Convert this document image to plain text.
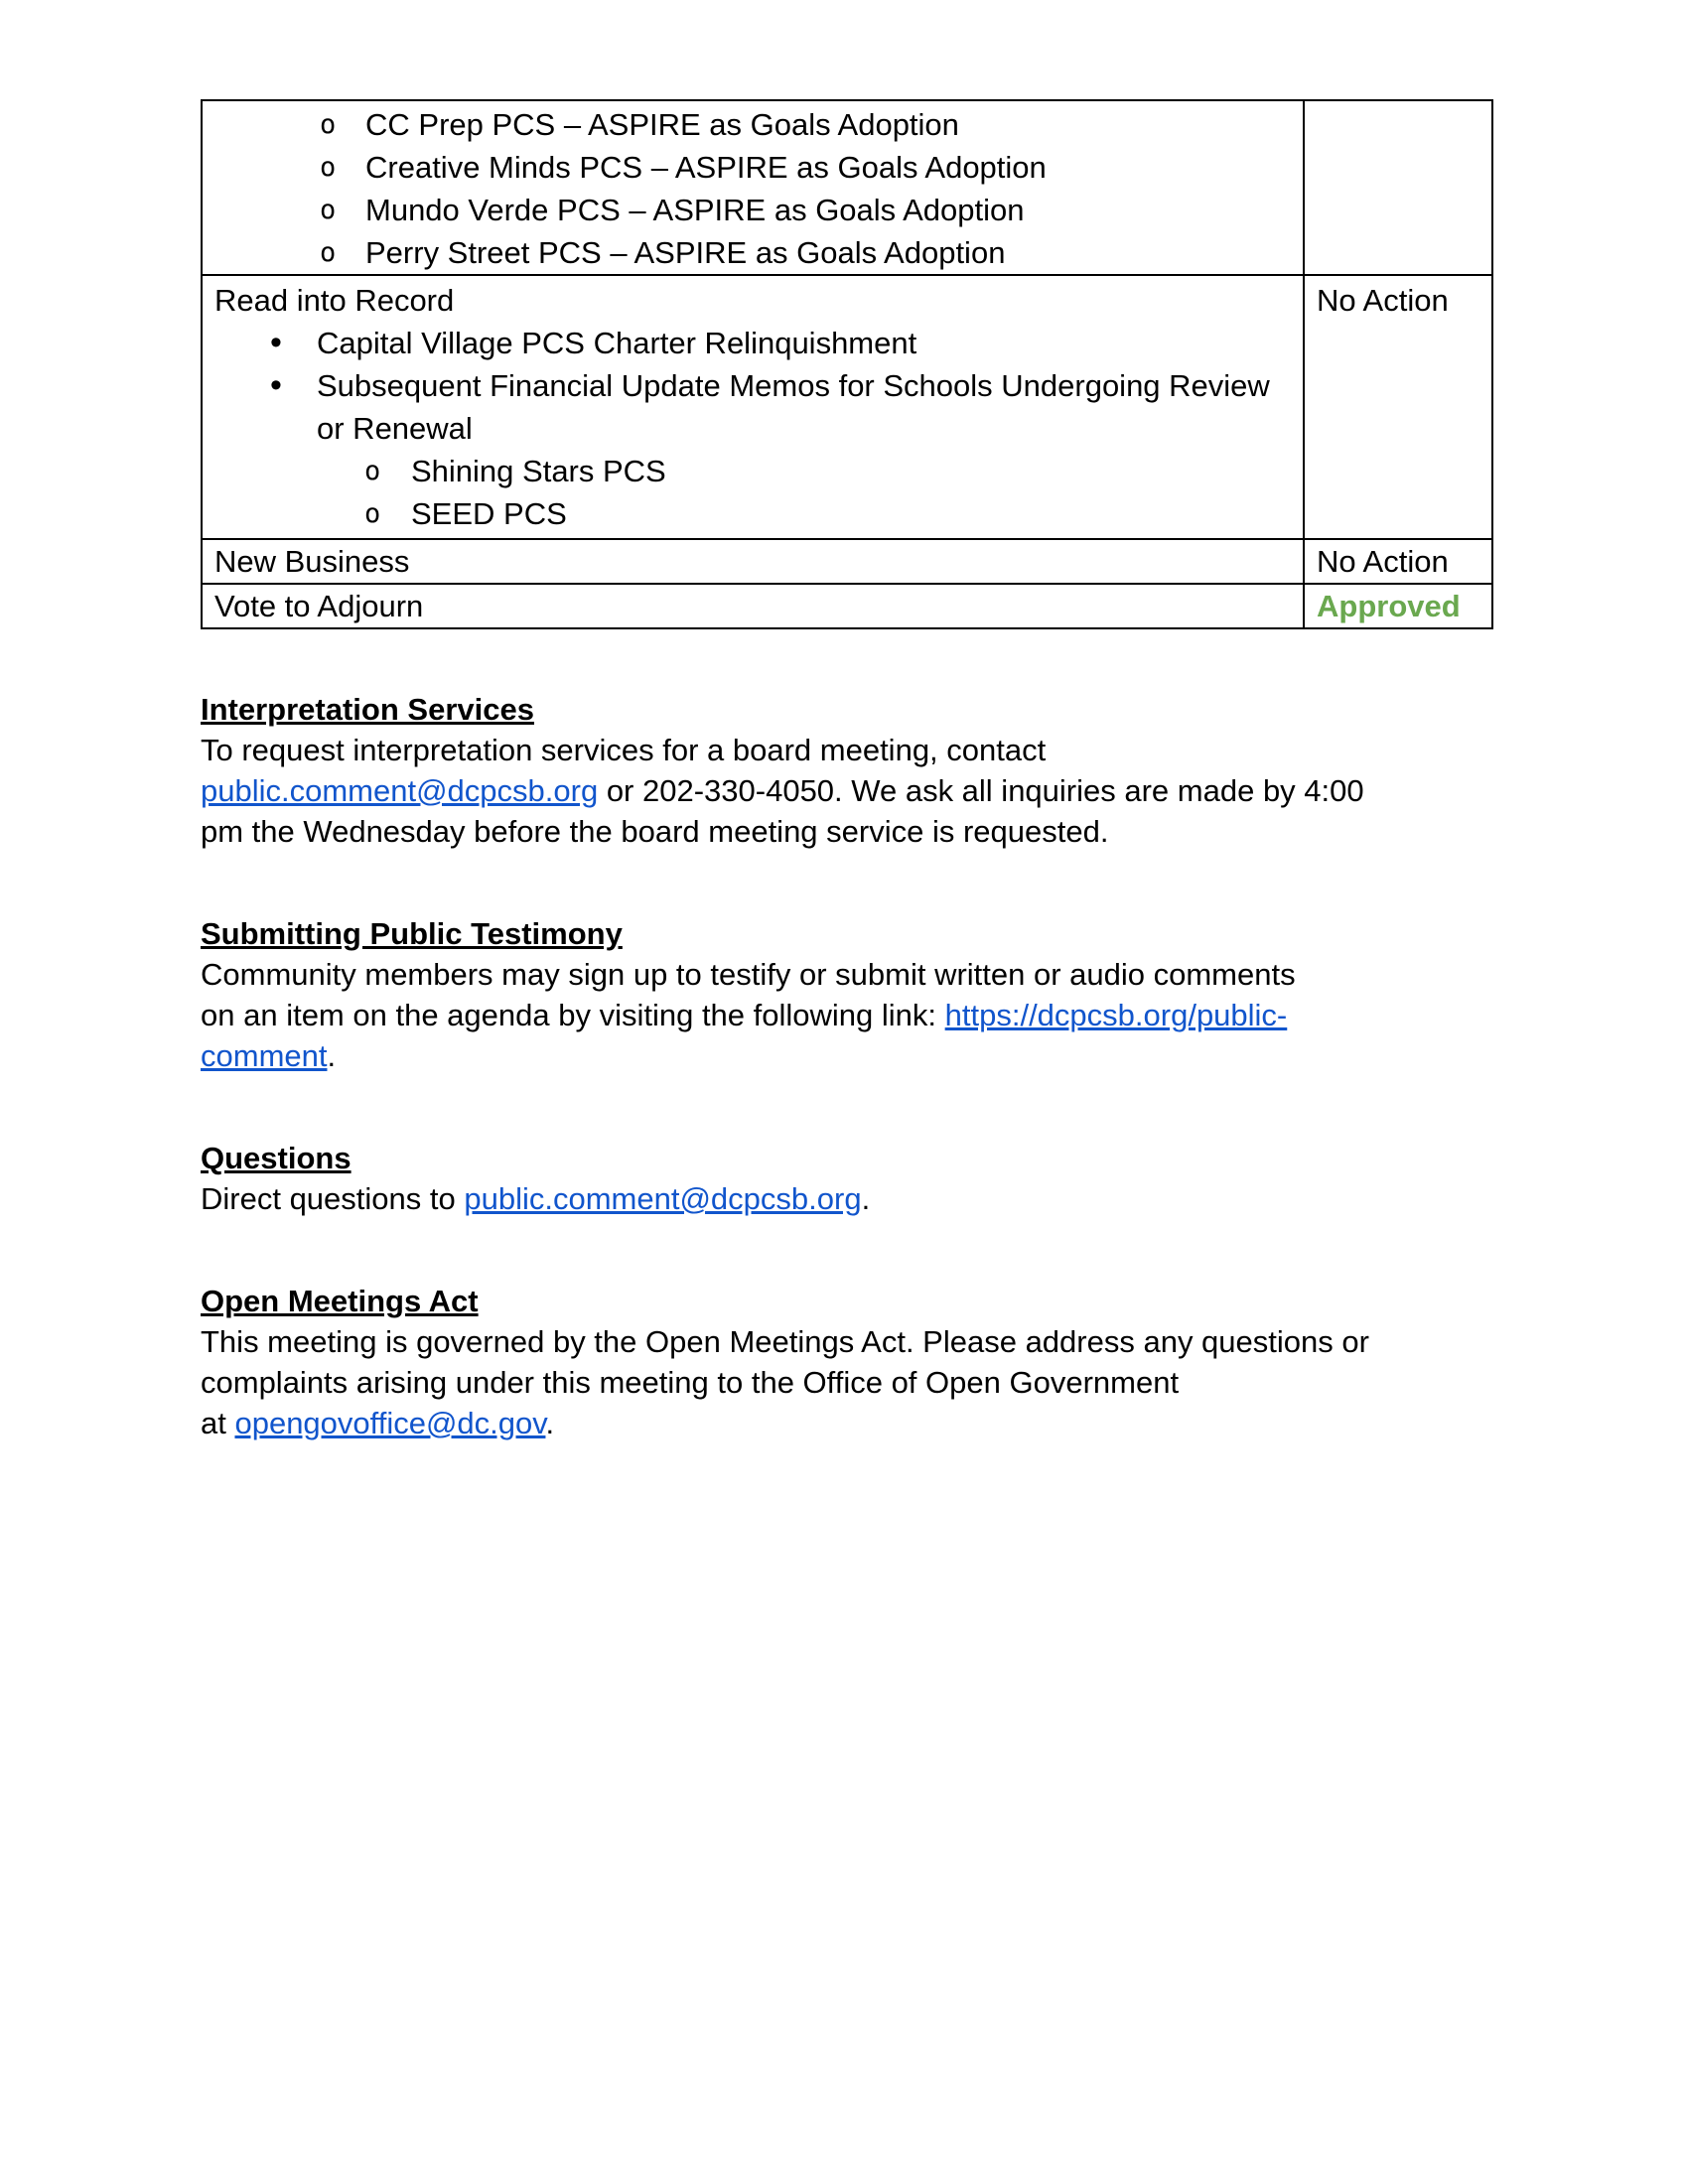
o CC Prep PCS – ASPIRE as Goals Adoption
o Creative Minds PCS – ASPIRE as Goals Adoption
o Mundo Verde PCS – ASPIRE as Goals Adoption
o Perry Street PCS – ASPIRE as Goals Adoption

Read into Record
• Capital Village PCS Charter Relinquishment
• Subsequent Financial Update Memos for Schools Undergoing Review or Renewal
o Shining Stars PCS
o SEED PCS
	No Action
New Business	No Action
Vote to Adjourn	Approved
Interpretation Services

To request interpretation services for a board meeting, contact
public.comment@dcpcsb.org or 202-330-4050. We ask all inquiries are made by 4:00
pm the Wednesday before the board meeting service is requested.

Submitting Public Testimony

Community members may sign up to testify or submit written or audio comments
on an item on the agenda by visiting the following link: https://dcpcsb.org/public-
comment.

Questions

Direct questions to public.comment@dcpcsb.org.

Open Meetings Act

This meeting is governed by the Open Meetings Act. Please address any questions or
complaints arising under this meeting to the Office of Open Government
at opengovoffice@dc.gov.
